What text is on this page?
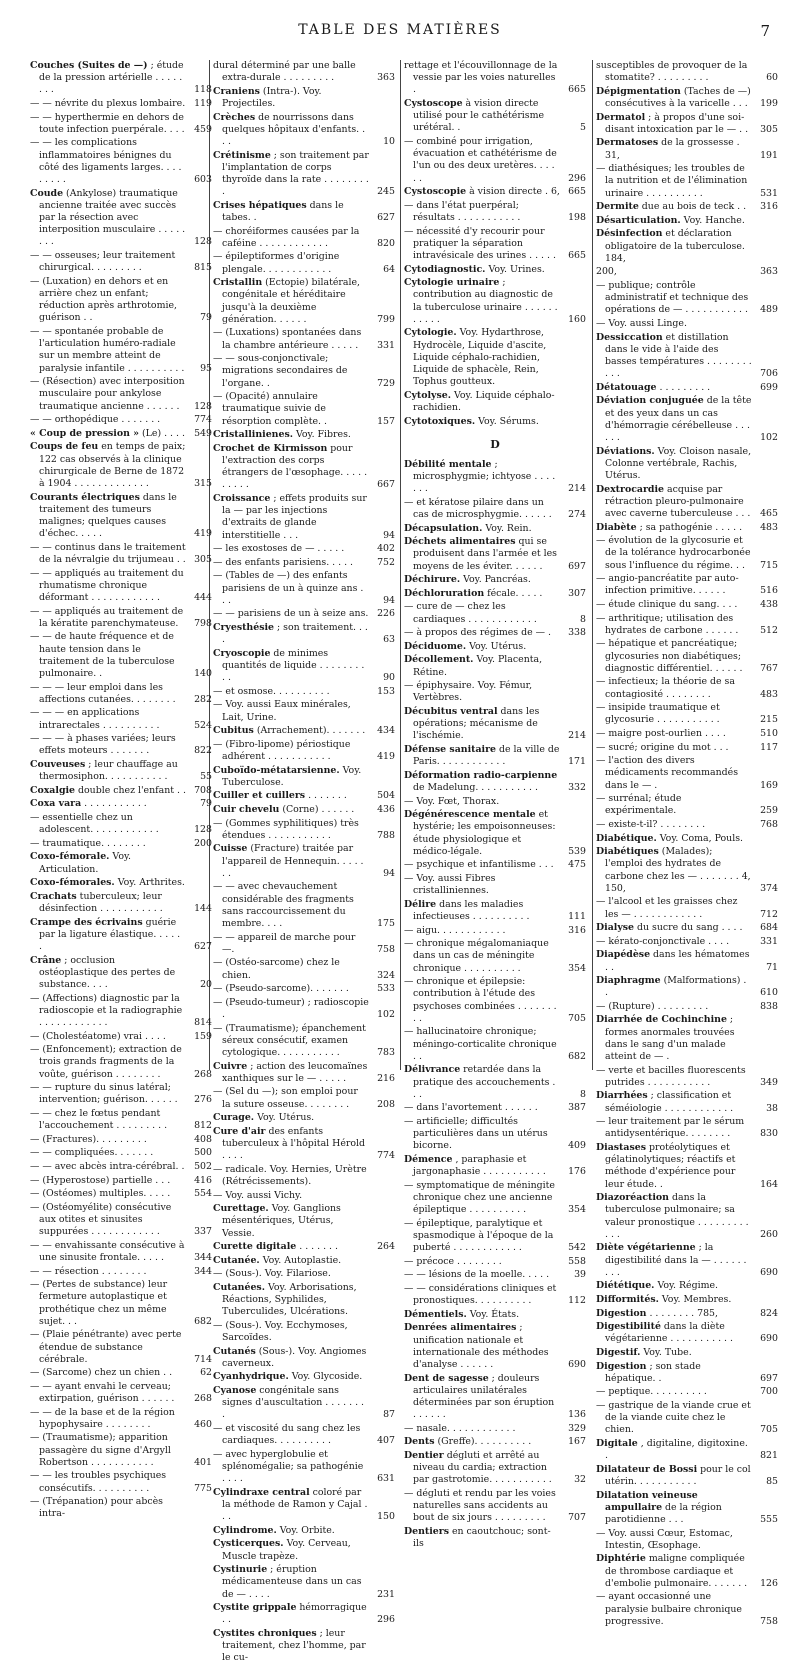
TABLE DES MATIÈRES	7
Couches (Suites de —) ; étude de la pression artérielle . . . . . . . .	118
— — névrite du plexus lombaire. 119
— — hyperthermie en dehors de toute infection puerpérale. . . . 459
— — les complications inflammatoires bénignes du côté des ligaments larges. . . . . . . . .	603
Coude (Ankylose) traumatique ancienne traitée avec succès par la résection avec interposition musculaire . . . . . . . .	128
— — osseuses; leur traitement chirurgical. . . . . . . . .	815
— (Luxation) en dehors et en arrière chez un enfant; réduction après arthrotomie, guérison . .	79
— — spontanée probable de l'articulation huméro-radiale sur un membre atteint de paralysie infantile . . . . . . . . . . 95
— (Résection) avec interposition musculaire pour ankylose traumatique ancienne . . . . . . 128
— — orthopédique . . . . . . .	774
« Coup de pression » (Le) . . . . 549
Coups de feu en temps de paix; 122 cas observés à la clinique chirurgicale de Berne de 1872 à 1904 . . . . . . . . . . . . .	315
Courants électriques dans le traitement des tumeurs malignes; quelques causes d'échec. . . . .	419
— — continus dans le traitement de la névralgie du trijumeau . . 305
— — appliqués au traitement du rhumatisme chronique déformant . . . . . . . . . . . .	444
— — appliqués au traitement de la kératite parenchymateuse. 798
— — de haute fréquence et de haute tension dans le traitement de la tuberculose pulmonaire. .	140
— — — leur emploi dans les affections cutanées. . . . . . . . 282
— — — en applications intrarectales . . . . . . . . . .	524
— — — à phases variées; leurs effets moteurs . . . . . . .	822
Couveuses ; leur chauffage au thermosiphon. . . . . . . . . . .	55
Coxalgie double chez l'enfant . . 708
Coxa vara . . . . . . . . . . .	79
— essentielle chez un adolescent. . . . . . . . . . . .	128
— traumatique. . . . . . . .	200
Coxo-fémorale. Voy. Articulation.
Coxo-fémorales. Voy. Arthrites.
Crachats tuberculeux; leur désinfection . . . . . . . . . . .	144
Crampe des écrivains guérie par la ligature élastique. . . . . .	627
Crâne ; occlusion ostéoplastique des pertes de substance. . . .	20
— (Affections) diagnostic par la radioscopie et la radiographie . . . . . . . . . . . .	814
— (Cholestéatome) vrai . . . .	159
— (Enfoncement); extraction de trois grands fragments de la voûte, guérison . . . . . . . .	268
— — rupture du sinus latéral; intervention; guérison. . . . . . 276
— — chez le fœtus pendant l'accouchement . . . . . . . . .	812
— (Fractures). . . . . . . . .	408
— — compliquées. . . . . . .	500
— — avec abcès intra-cérébral. . 502
— (Hyperostose) partielle . . .	416
— (Ostéomes) multiples. . . . .	554
— (Ostéomyélite) consécutive aux otites et sinusites suppurées . . . . . . . . . . . .	337
— — envahissante consécutive à une sinusite frontale. . . . .	344
— — résection . . . . . . . .	344
— (Pertes de substance) leur fermeture autoplastique et prothétique chez un même sujet. . .	682
— (Plaie pénétrante) avec perte étendue de substance cérébrale.	714
— (Sarcome) chez un chien . .	62
— — ayant envahi le cerveau; extirpation, guérison . . . . . . 268
— — de la base et de la région hypophysaire . . . . . . . .	460
— (Traumatisme); apparition passagère du signe d'Argyll Robertson . . . . . . . . . . .	401
— — les troubles psychiques consécutifs. . . . . . . . . .	775
— (Trépanation) pour abcès intra-
dural déterminé par une balle extra-durale . . . . . . . . .	363
Craniens (Intra-). Voy. Projectiles.
Crèches de nourrissons dans quelques hôpitaux d'enfants. . . .	10
Crétinisme ; son traitement par l'implantation de corps thyroïde dans la rate . . . . . . . . .	245
Crises hépatiques dans le tabes. .	627
— choréiformes causées par la caféine . . . . . . . . . . . .	820
— épileptiformes d'origine plengale. . . . . . . . . . . .	64
Cristallin (Ectopie) bilatérale, congénitale et héréditaire jusqu'à la deuxième génération. . . . . .	799
— (Luxations) spontanées dans la chambre antérieure . . . . . 331
— — sous-conjonctivale; migrations secondaires de l'organe. .	729
— (Opacité) annulaire traumatique suivie de résorption complète. .	157
Cristallinienes. Voy. Fibres.
Crochet de Kirmisson pour l'extraction des corps étrangers de l'œsophage. . . . . . . . . .	667
Croissance ; effets produits sur la — par les injections d'extraits de glande interstitielle . . .	94
— les exostoses de — . . . . .	402
— des enfants parisiens. . . . .	752
— (Tables de —) des enfants parisiens de un à quinze ans . . .	94
— — parisiens de un à seize ans. 226
Cryesthésie ; son traitement. . . .	63
Cryoscopie de minimes quantités de liquide . . . . . . . . . .	90
— et osmose. . . . . . . . . .	153
— Voy. aussi Eaux minérales, Lait, Urine.
Cubitus (Arrachement). . . . . . . 434
— (Fibro-lipome) périostique adhérent . . . . . . . . . . .	419
Cuboïdo-métatarsienne. Voy. Tuberculose.
Cuiller et cuillers . . . . . . .	504
Cuir chevelu (Corne) . . . . . . 436
— (Gommes syphilitiques) très étendues . . . . . . . . . . .	788
Cuisse (Fracture) traitée par l'appareil de Hennequin. . . . . . .	94
— — avec chevauchement considérable des fragments sans raccourcissement du membre. . . .	175
— — appareil de marche pour —.	758
— (Ostéo-sarcome) chez le chien.	324
— (Pseudo-sarcome). . . . . . .	533
— (Pseudo-tumeur) ; radioscopie .	102
— (Traumatisme); épanchement séreux consécutif, examen cytologique. . . . . . . . . . .	783
Cuivre ; action des leucomaïnes xanthiques sur le — . . . . .	216
— (Sel du —); son emploi pour la suture osseuse. . . . . . . .	208
Curage. Voy. Utérus.
Cure d'air des enfants tuberculeux à l'hôpital Hérold . . . .	774
— radicale. Voy. Hernies, Urètre (Rétrécissements).
— Voy. aussi Vichy.
Curettage. Voy. Ganglions mésentériques, Utérus, Vessie.
Curette digitale . . . . . . .	264
Cutanée. Voy. Autoplastie.
— (Sous-). Voy. Filariose.
Cutanées. Voy. Arborisations, Réactions, Syphilides, Tuberculides, Ulcérations.
— (Sous-). Voy. Ecchymoses, Sarcoïdes.
Cutanés (Sous-). Voy. Angiomes caverneux.
Cyanhydrique. Voy. Glycoside.
Cyanose congénitale sans signes d'auscultation . . . . . . . .	87
— et viscosité du sang chez les cardiaques. . . . . . . . . .	407
— avec hyperglobulie et splénomégalie; sa pathogénie . . . .	631
Cylindraxe central coloré par la méthode de Ramon y Cajal . . .	150
Cylindrome. Voy. Orbite.
Cysticerques. Voy. Cerveau, Muscle trapèze.
Cystinurie ; éruption médicamenteuse dans un cas de — . . . .	231
Cystite grippale hémorragique . .	296
Cystites chroniques ; leur traitement, chez l'homme, par le cu-
rettage et l'écouvillonnage de la vessie par les voies naturelles .	665
Cystoscope à vision directe utilisé pour le cathétérisme urétéral. .	5
— combiné pour irrigation, évacuation et cathétérisme de l'un ou des deux uretères. . . . . .	296
Cystoscopie à vision directe . 6, 665
— dans l'état puerpéral; résultats . . . . . . . . . . .	198
— nécessité d'y recourir pour pratiquer la séparation intravésicale des urines . . . . . 665
Cytodiagnostic. Voy. Urines.
Cytologie urinaire ; contribution au diagnostic de la tuberculose urinaire . . . . . . . . . . .	160
Cytologie. Voy. Hydarthrose, Hydrocèle, Liquide d'ascite, Liquide céphalo-rachidien, Liquide de sphacèle, Rein, Tophus goutteux.
Cytolyse. Voy. Liquide céphalo-rachidien.
Cytotoxiques. Voy. Sérums.
D
Débilité mentale ; microsphygmie; ichtyose . . . . . . .	214
— et kératose pilaire dans un cas de microsphygmie. . . . . . 274
Décapsulation. Voy. Rein.
Déchets alimentaires qui se produisent dans l'armée et les moyens de les éviter. . . . . .	697
Déchirure. Voy. Pancréas.
Déchloruration fécale. . . . .	307
— cure de — chez les cardiaques . . . . . . . . . . . .	8
— à propos des régimes de — . 338
Déciduome. Voy. Utérus.
Décollement. Voy. Placenta, Rétine.
— épiphysaire. Voy. Fémur, Vertèbres.
Décubitus ventral dans les opérations; mécanisme de l'ischémie.	214
Défense sanitaire de la ville de Paris. . . . . . . . . . . .	171
Déformation radio-carpienne de Madelung. . . . . . . . . . .	332
— Voy. Fœt, Thorax.
Dégénérescence mentale et hystérie; les empoisonneuses: étude physiologique et médico-légale.	539
— psychique et infantilisme . . . 475
— Voy. aussi Fibres cristalliniennes.
Délire dans les maladies infectieuses . . . . . . . . . .	111
— aigu. . . . . . . . . . . .	316
— chronique mégalomaniaque dans un cas de méningite chronique . . . . . . . . . .	354
— chronique et épilepsie: contribution à l'étude des psychoses combinées . . . . . . . . .	705
— hallucinatoire chronique; méningo-corticalite chronique . .	682
Délivrance retardée dans la pratique des accouchements . . .	8
— dans l'avortement . . . . . .	387
— artificielle; difficultés particulières dans un utérus bicorne.	409
Démence , paraphasie et jargonaphasie . . . . . . . . . . . 176
— symptomatique de méningite chronique chez une ancienne épileptique . . . . . . . . . .	354
— épileptique, paralytique et spasmodique à l'époque de la puberté . . . . . . . . . . . .	542
— précoce . . . . . . . .	558
— — lésions de la moelle. . . . .	39
— — considérations cliniques et pronostiques. . . . . . . . . .	112
Démentiels. Voy. États.
Denrées alimentaires ; unification nationale et internationale des méthodes d'analyse . . . . . .	690
Dent de sagesse ; douleurs articulaires unilatérales déterminées par son éruption . . . . . .	136
— nasale. . . . . . . . . . . .	329
Dents (Greffe). . . . . . . . . .	167
Dentier dégluti et arrêté au niveau du cardia; extraction par gastrotomie. . . . . . . . . . . 32
— dégluti et rendu par les voies naturelles sans accidents au bout de six jours . . . . . . . . . 707
Dentiers en caoutchouc; sont-ils
susceptibles de provoquer de la stomatite? . . . . . . . . .	60
Dépigmentation (Taches de —) consécutives à la varicelle . . . 199
Dermatol ; à propos d'une soi-disant intoxication par le — . . 305
Dermatoses de la grossesse . 31,	191
— diathésiques; les troubles de la nutrition et de l'élimination urinaire . . . . . . . . . .	531
Dermite due au bois de teck . . 316
Désarticulation. Voy. Hanche.
Désinfection et déclaration obligatoire de la tuberculose. 184,
200,	363
— publique; contrôle administratif et technique des opérations de — . . . . . . . . . . . 489
— Voy. aussi Linge.
Dessiccation et distillation dans le vide à l'aide des basses températures . . . . . . . . . . .	706
Détatouage . . . . . . . . .	699
Déviation conjuguée de la tête et des yeux dans un cas d'hémorragie cérébelleuse . . . . . .	102
Déviations. Voy. Cloison nasale, Colonne vertébrale, Rachis, Utérus.
Dextrocardie acquise par rétraction pleuro-pulmonaire avec caverne tuberculeuse . . . 465
Diabète ; sa pathogénie . . . . . 483
— évolution de la glycosurie et de la tolérance hydrocarbonée sous l'influence du régime. . . 715
— angio-pancréatite par auto-infection primitive. . . . . .	516
— étude clinique du sang. . . . 438
— arthritique; utilisation des hydrates de carbone . . . . . . 512
— hépatique et pancréatique; glycosuries non diabétiques; diagnostic différentiel. . . . . . 767
— infectieux; la théorie de sa contagiosité . . . . . . . .	483
— insipide traumatique et glycosurie . . . . . . . . . . .	215
— maigre post-ourlien . . . .	510
— sucré; origine du mot . . .	117
— l'action des divers médicaments recommandés dans le — .	169
— surrénal; étude expérimentale.	259
— existe-t-il? . . . . . . . .	768
Diabétique. Voy. Coma, Pouls.
Diabétiques (Malades); l'emploi des hydrates de carbone chez les — . . . . . . . 4, 150,	374
— l'alcool et les graisses chez les — . . . . . . . . . . . .	712
Dialyse du sucre du sang . . . . 684
— kérato-conjonctivale . . . .	331
Diapédèse dans les hématomes . .	71
Diaphragme (Malformations) . .	610
— (Rupture) . . . . . . . . .	838
Diarrhée de Cochinchine ; formes anormales trouvées dans le sang d'un malade atteint de — .
— verte et bacilles fluorescents putrides . . . . . . . . . . .	349
Diarrhées ; classification et séméiologie . . . . . . . . . . . .	38
— leur traitement par le sérum antidysentérique. . . . . . . .	830
Diastases protéolytiques et gélatinolytiques; réactifs et méthode d'expérience pour leur étude. .	164
Diazoréaction dans la tuberculose pulmonaire; sa valeur pronostique . . . . . . . . . . . .	260
Diète végétarienne ; la digestibilité dans la — . . . . . . . . .	690
Diététique. Voy. Régime.
Difformités. Voy. Membres.
Digestion . . . . . . . . 785,	824
Digestibilité dans la diète végétarienne . . . . . . . . . . .	690
Digestif. Voy. Tube.
Digestion ; son stade hépatique. .	697
— peptique. . . . . . . . . .	700
— gastrique de la viande crue et de la viande cuite chez le chien.	705
Digitale , digitaline, digitoxine. .	821
Dilatateur de Bossi pour le col utérin. . . . . . . . . . .	85
Dilatation veineuse ampullaire de la région parotidienne . . .	555
— Voy. aussi Cœur, Estomac, Intestin, Œsophage.
Diphtérie maligne compliquée de thrombose cardiaque et d'embolie pulmonaire. . . . . . . 126
— ayant occasionné une paralysie bulbaire chronique progressive.	758
